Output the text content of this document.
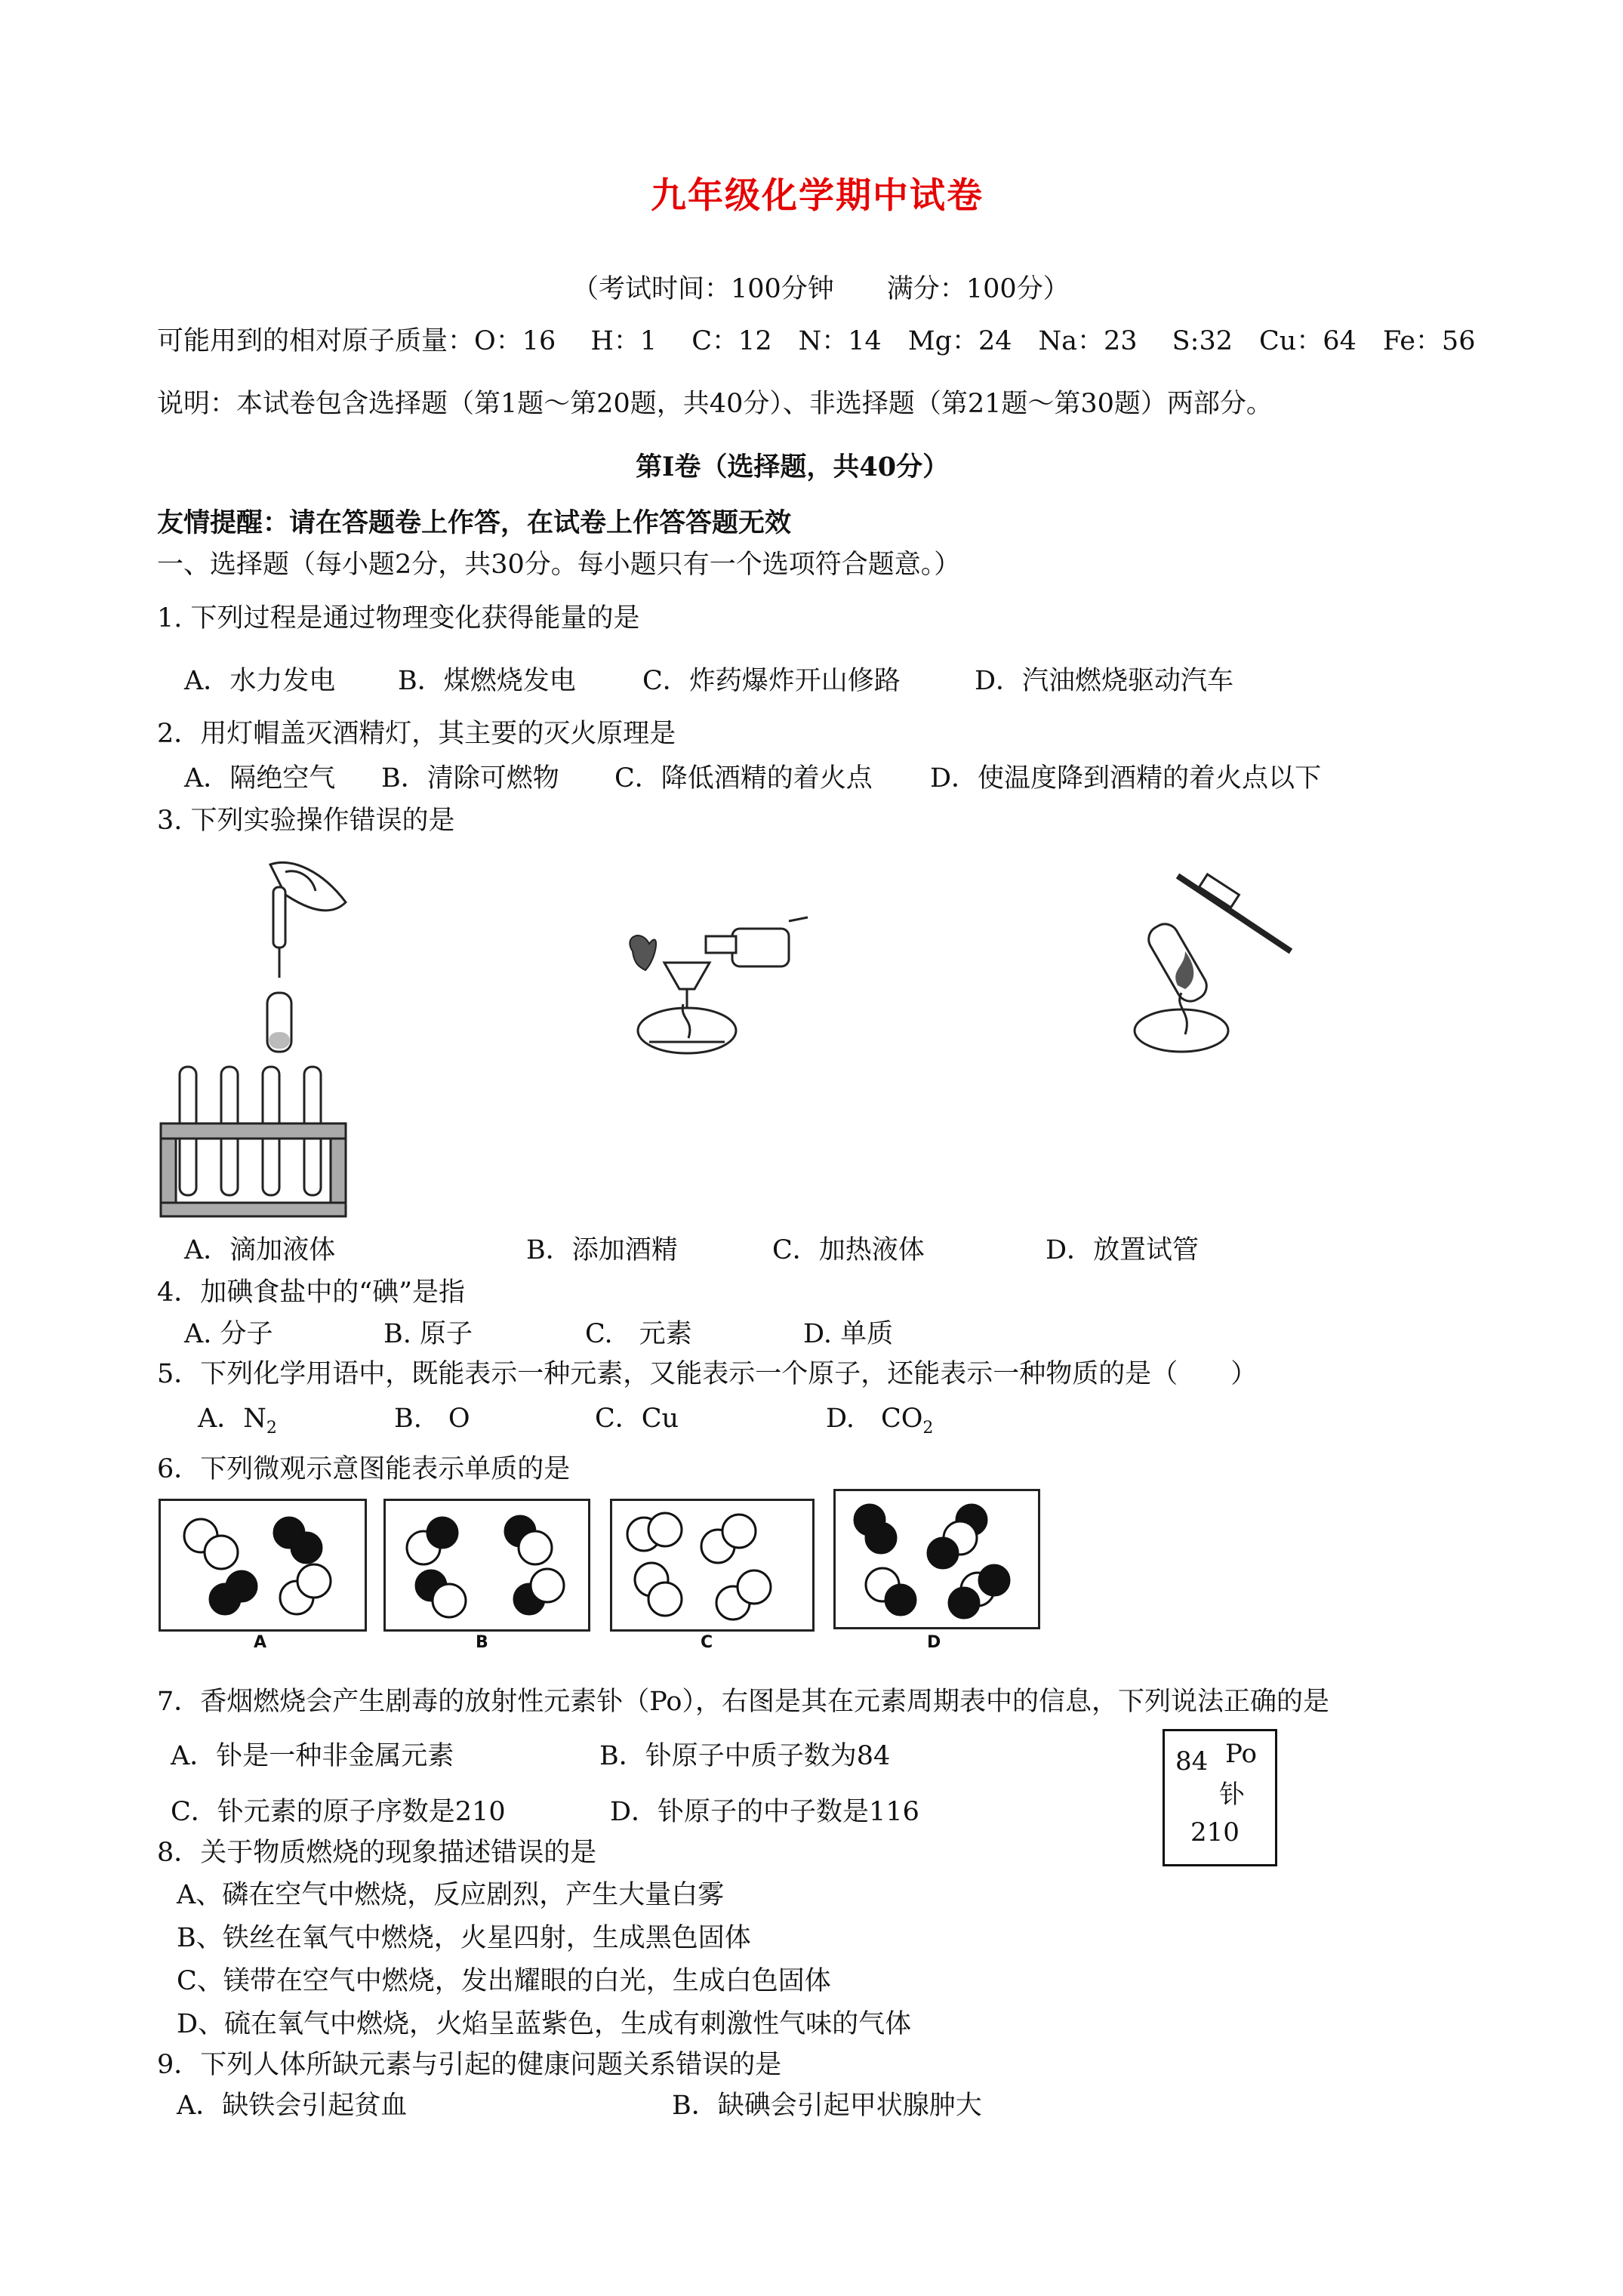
九年级化学期中试卷
（考试时间：100分钟　　满分：100分）
可能用到的相对原子质量：O：16　 H：1　 C：12　N：14　Mg：24　Na：23　 S:32　Cu：64　Fe：56
说明：本试卷包含选择题（第1题～第20题，共40分）、非选择题（第21题～第30题）两部分。
第Ⅰ卷（选择题，共40分）
友情提醒：请在答题卷上作答，在试卷上作答答题无效
一、选择题（每小题2分，共30分。每小题只有一个选项符合题意。）
1. 下列过程是通过物理变化获得能量的是
A．水力发电 B．煤燃烧发电	C．炸药爆炸开山修路	D．汽油燃烧驱动汽车
2．用灯帽盖灭酒精灯，其主要的灭火原理是
A．隔绝空气 B．清除可燃物 C．降低酒精的着火点 D．使温度降到酒精的着火点以下
3. 下列实验操作错误的是
A．滴加液体	B．添加酒精	C．加热液体	D．放置试管
4．加碘食盐中的“碘”是指
A. 分子	B. 原子	C.　元素	D. 单质
5．下列化学用语中，既能表示一种元素，又能表示一个原子，还能表示一种物质的是（　　）
A．$N_2$	B.　O	C．Cu	D.　$CO_2$
6．下列微观示意图能表示单质的是
A	B	C	D
7．香烟燃烧会产生剧毒的放射性元素钋（Po），右图是其在元素周期表中的信息，下列说法正确的是
A．钋是一种非金属元素	B．钋原子中质子数为84
C．钋元素的原子序数是210	D．钋原子的中子数是116
84 Po
钋
210
8．关于物质燃烧的现象描述错误的是
A、磷在空气中燃烧，反应剧烈，产生大量白雾
B、铁丝在氧气中燃烧，火星四射，生成黑色固体
C、镁带在空气中燃烧，发出耀眼的白光，生成白色固体
D、硫在氧气中燃烧，火焰呈蓝紫色，生成有刺激性气味的气体
9．下列人体所缺元素与引起的健康问题关系错误的是
A．缺铁会引起贫血	B．缺碘会引起甲状腺肿大
